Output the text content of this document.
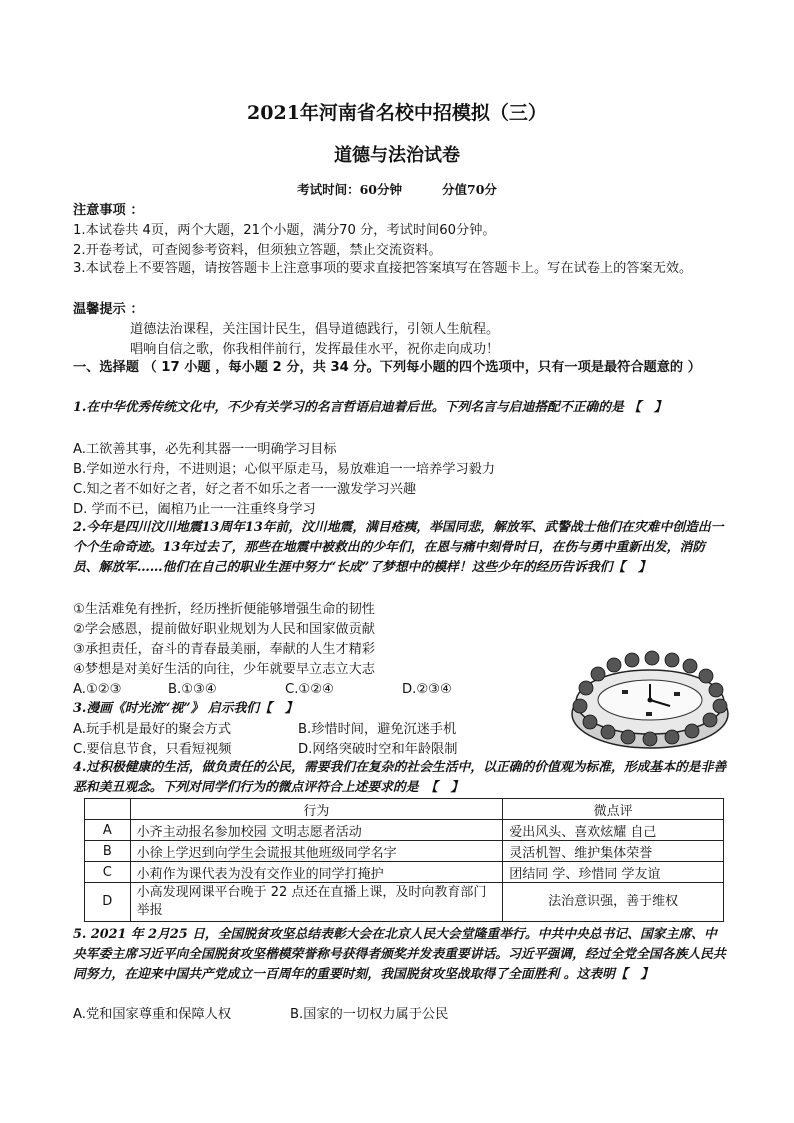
2021年河南省名校中招模拟（三）
道德与法治试卷
考试时间：60分钟	分值70分
注意事项 ：
1.本试卷共 4页，两个大题，21个小题，满分70 分，考试时间60分钟。
2.开卷考试，可查阅参考资料，但须独立答题，禁止交流资料。
3.本试卷上不要答题，请按答题卡上注意事项的要求直接把答案填写在答题卡上。写在试卷上的答案无效。
温馨提示 ：
道德法治课程，关注国计民生，倡导道德践行，引领人生航程。
唱响自信之歌，你我相伴前行，发挥最佳水平，祝你走向成功！
一、选择题 （ 17 小题 ，每小题 2 分，共 34 分。下列每小题的四个选项中，只有一项是最符合题意的 ）
1.在中华优秀传统文化中，不少有关学习的名言哲语启迪着后世。下列名言与启迪搭配不正确的是 【　】
A.工欲善其事，必先利其器一一明确学习目标
B.学如逆水行舟，不进则退；心似平原走马，易放难追一一培养学习毅力
C.知之者不如好之者，好之者不如乐之者一一激发学习兴趣
D. 学而不已，阖棺乃止一一注重终身学习
2.今年是四川汶川地震13周年13年前，汶川地震，满目疮痍，举国同悲，解放军、武警战士他们在灾难中创造出一个个生命奇迹。13年过去了，那些在地震中被救出的少年们，在恩与痛中刻骨时日，在伤与勇中重新出发，消防员、解放军……他们在自己的职业生涯中努力“长成”了梦想中的模样！这些少年的经历告诉我们【　】
①生活难免有挫折，经历挫折便能够增强生命的韧性
②学会感恩，提前做好职业规划为人民和国家做贡献
③承担责任，奋斗的青春最美丽，奉献的人生才精彩
④梦想是对美好生活的向往，少年就要早立志立大志
A.①②③	B.①③④	C.①②④	D.②③④
3.漫画《时光流“视”》 启示我们【　】
A.玩手机是最好的聚会方式	B.珍惜时间，避免沉迷手机
C.要信息节食，只看短视频	D.网络突破时空和年龄限制
4.过积极健康的生活，做负责任的公民，需要我们在复杂的社会生活中，以正确的价值观为标准，形成基本的是非善恶和美丑观念。下列对同学们行为的微点评符合上述要求的是　【　】
	行为	微点评
A	小齐主动报名参加校园 文明志愿者活动	爱出风头、喜欢炫耀 自己
B	小徐上学迟到向学生会谎报其他班级同学名字	灵活机智、维护集体荣誉
C	小莉作为课代表为没有交作业的同学打掩护	团结同 学、珍惜同 学友谊
D	小高发现网课平台晚于 22 点还在直播上课，及时向教育部门举报	法治意识强，善于维权
5. 2021 年 2月25 日，全国脱贫攻坚总结表彰大会在北京人民大会堂隆重举行。中共中央总书记、国家主席、中央军委主席习近平向全国脱贫攻坚楷模荣誉称号获得者颁奖并发表重要讲话。习近平强调，经过全党全国各族人民共同努力，在迎来中国共产党成立一百周年的重要时刻，我国脱贫攻坚战取得了全面胜利 。这表明【　】
A.党和国家尊重和保障人权	B.国家的一切权力属于公民
